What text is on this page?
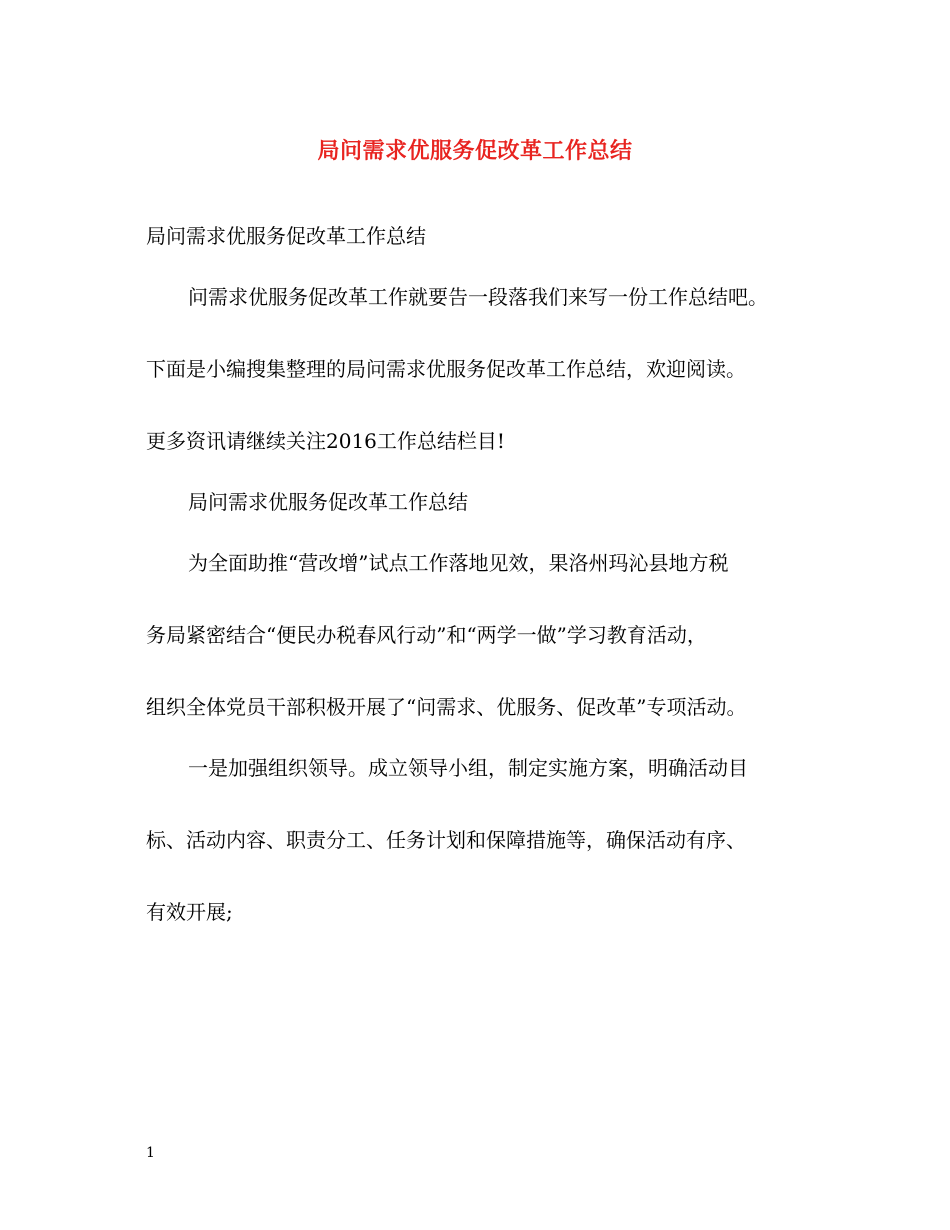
局问需求优服务促改革工作总结
局问需求优服务促改革工作总结
问需求优服务促改革工作就要告一段落我们来写一份工作总结吧。
下面是小编搜集整理的局问需求优服务促改革工作总结，欢迎阅读。
更多资讯请继续关注2016工作总结栏目!
局问需求优服务促改革工作总结
为全面助推“营改增”试点工作落地见效，果洛州玛沁县地方税
务局紧密结合“便民办税春风行动”和“两学一做”学习教育活动，
组织全体党员干部积极开展了“问需求、优服务、促改革”专项活动。
一是加强组织领导。成立领导小组，制定实施方案，明确活动目
标、活动内容、职责分工、任务计划和保障措施等，确保活动有序、
有效开展;
1
